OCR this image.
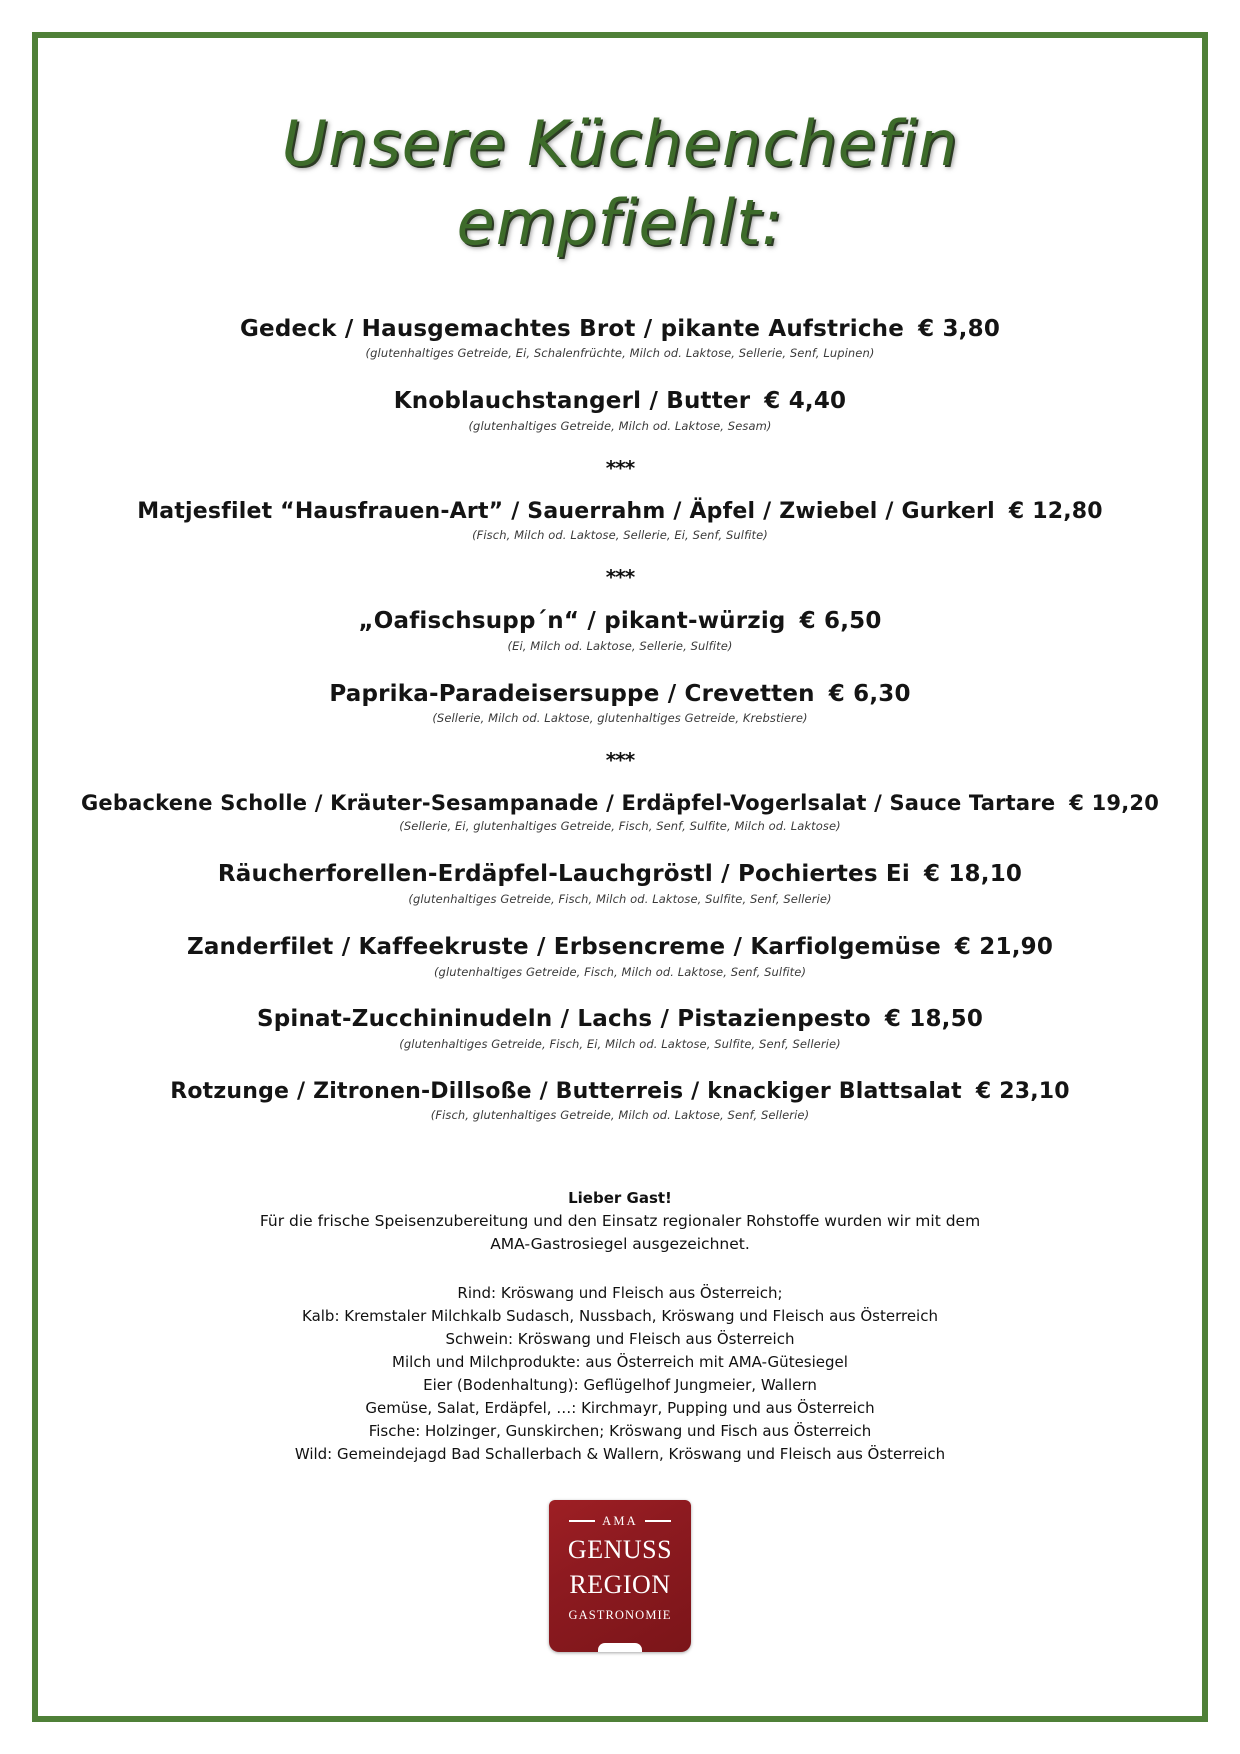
Unsere Küchenchefin
empfiehlt:
Gedeck / Hausgemachtes Brot / pikante Aufstriche € 3,80
(glutenhaltiges Getreide, Ei, Schalenfrüchte, Milch od. Laktose, Sellerie, Senf, Lupinen)
Knoblauchstangerl / Butter € 4,40
(glutenhaltiges Getreide, Milch od. Laktose, Sesam)
***
Matjesfilet “Hausfrauen-Art” / Sauerrahm / Äpfel / Zwiebel / Gurkerl € 12,80
(Fisch, Milch od. Laktose, Sellerie, Ei, Senf, Sulfite)
***
„Oafischsupp´n“ / pikant-würzig € 6,50
(Ei, Milch od. Laktose, Sellerie, Sulfite)
Paprika-Paradeisersuppe / Crevetten € 6,30
(Sellerie, Milch od. Laktose, glutenhaltiges Getreide, Krebstiere)
***
Gebackene Scholle / Kräuter-Sesampanade / Erdäpfel-Vogerlsalat / Sauce Tartare € 19,20
(Sellerie, Ei, glutenhaltiges Getreide, Fisch, Senf, Sulfite, Milch od. Laktose)
Räucherforellen-Erdäpfel-Lauchgröstl / Pochiertes Ei € 18,10
(glutenhaltiges Getreide, Fisch, Milch od. Laktose, Sulfite, Senf, Sellerie)
Zanderfilet / Kaffeekruste / Erbsencreme / Karfiolgemüse € 21,90
(glutenhaltiges Getreide, Fisch, Milch od. Laktose, Senf, Sulfite)
Spinat-Zucchininudeln / Lachs / Pistazienpesto € 18,50
(glutenhaltiges Getreide, Fisch, Ei, Milch od. Laktose, Sulfite, Senf, Sellerie)
Rotzunge / Zitronen-Dillsoße / Butterreis / knackiger Blattsalat € 23,10
(Fisch, glutenhaltiges Getreide, Milch od. Laktose, Senf, Sellerie)
Lieber Gast!
Für die frische Speisenzubereitung und den Einsatz regionaler Rohstoffe wurden wir mit dem
AMA-Gastrosiegel ausgezeichnet.
Rind: Kröswang und Fleisch aus Österreich;
Kalb: Kremstaler Milchkalb Sudasch, Nussbach, Kröswang und Fleisch aus Österreich
Schwein: Kröswang und Fleisch aus Österreich
Milch und Milchprodukte: aus Österreich mit AMA-Gütesiegel
Eier (Bodenhaltung): Geflügelhof Jungmeier, Wallern
Gemüse, Salat, Erdäpfel, …: Kirchmayr, Pupping und aus Österreich
Fische: Holzinger, Gunskirchen; Kröswang und Fisch aus Österreich
Wild: Gemeindejagd Bad Schallerbach & Wallern, Kröswang und Fleisch aus Österreich
AMA
GENUSS
REGION
GASTRONOMIE
